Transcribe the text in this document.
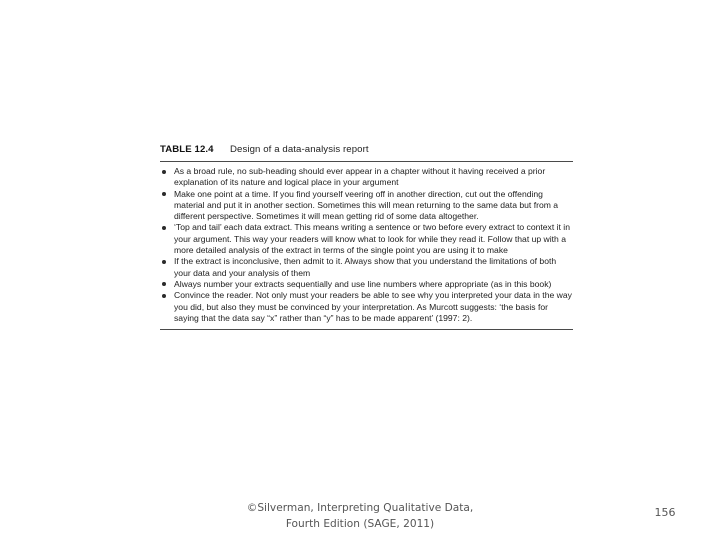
TABLE 12.4	Design of a data-analysis report
As a broad rule, no sub-heading should ever appear in a chapter without it having received a prior explanation of its nature and logical place in your argument
Make one point at a time. If you find yourself veering off in another direction, cut out the offending material and put it in another section. Sometimes this will mean returning to the same data but from a different perspective. Sometimes it will mean getting rid of some data altogether.
‘Top and tail’ each data extract. This means writing a sentence or two before every extract to context it in your argument. This way your readers will know what to look for while they read it. Follow that up with a more detailed analysis of the extract in terms of the single point you are using it to make
If the extract is inconclusive, then admit to it. Always show that you understand the limitations of both your data and your analysis of them
Always number your extracts sequentially and use line numbers where appropriate (as in this book)
Convince the reader. Not only must your readers be able to see why you interpreted your data in the way you did, but also they must be convinced by your interpretation. As Murcott suggests: ‘the basis for saying that the data say “x” rather than “y” has to be made apparent’ (1997: 2).
©Silverman, Interpreting Qualitative Data,
Fourth Edition (SAGE, 2011)
156
